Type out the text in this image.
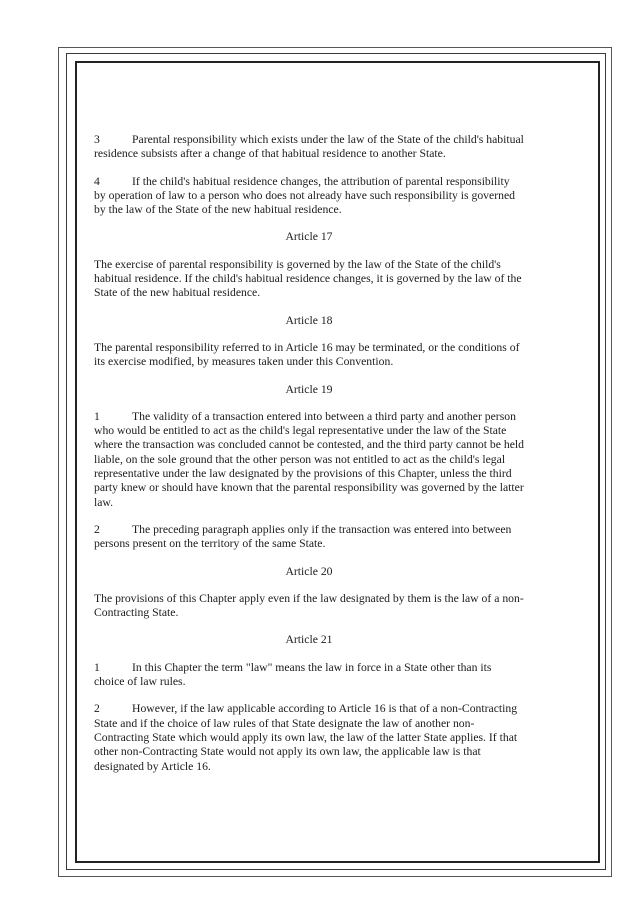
3	Parental responsibility which exists under the law of the State of the child's habitual residence subsists after a change of that habitual residence to another State.

4	If the child's habitual residence changes, the attribution of parental responsibility by operation of law to a person who does not already have such responsibility is governed by the law of the State of the new habitual residence.

Article 17

The exercise of parental responsibility is governed by the law of the State of the child's habitual residence. If the child's habitual residence changes, it is governed by the law of the State of the new habitual residence.

Article 18

The parental responsibility referred to in Article 16 may be terminated, or the conditions of its exercise modified, by measures taken under this Convention.

Article 19

1	The validity of a transaction entered into between a third party and another person who would be entitled to act as the child's legal representative under the law of the State where the transaction was concluded cannot be contested, and the third party cannot be held liable, on the sole ground that the other person was not entitled to act as the child's legal representative under the law designated by the provisions of this Chapter, unless the third party knew or should have known that the parental responsibility was governed by the latter law.

2	The preceding paragraph applies only if the transaction was entered into between persons present on the territory of the same State.

Article 20

The provisions of this Chapter apply even if the law designated by them is the law of a non-Contracting State.

Article 21

1	In this Chapter the term "law" means the law in force in a State other than its choice of law rules.

2	However, if the law applicable according to Article 16 is that of a non-Contracting State and if the choice of law rules of that State designate the law of another non-Contracting State which would apply its own law, the law of the latter State applies. If that other non-Contracting State would not apply its own law, the applicable law is that designated by Article 16.
